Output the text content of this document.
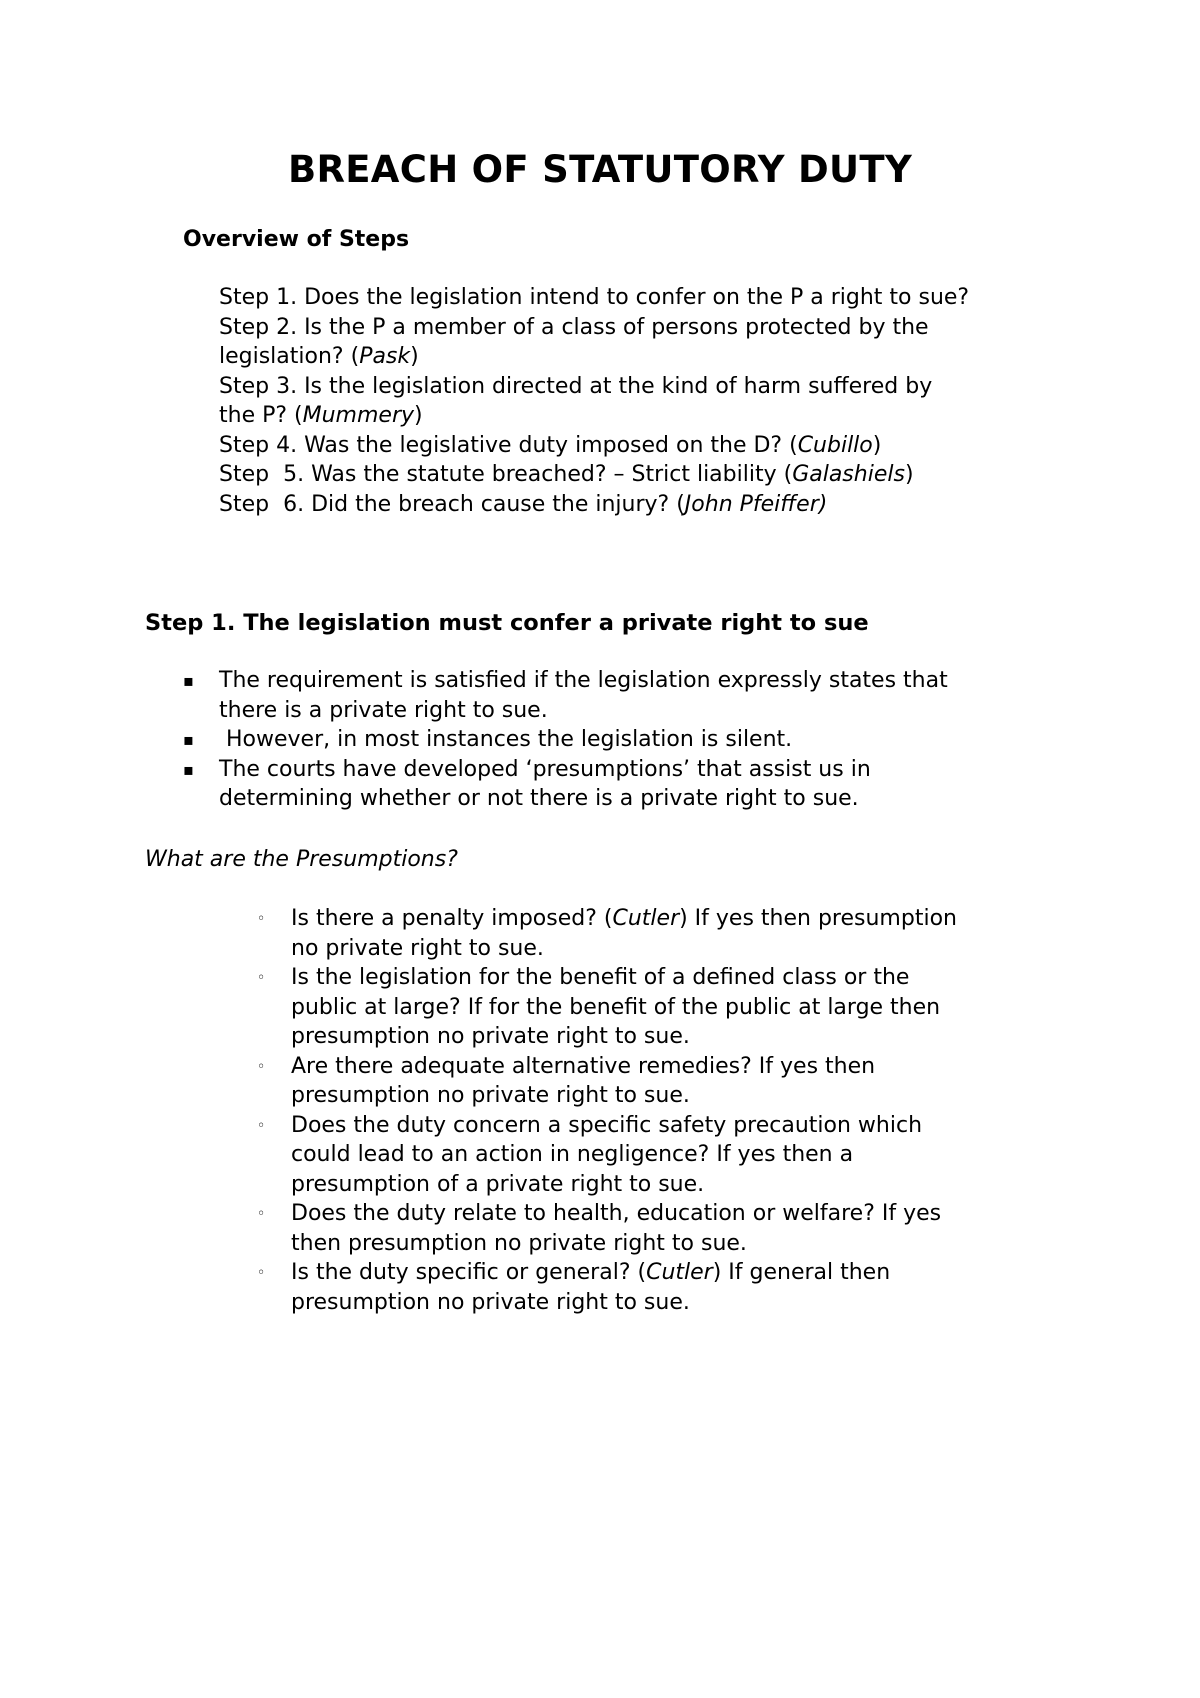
BREACH OF STATUTORY DUTY
Overview of Steps
Step 1. Does the legislation intend to confer on the P a right to sue?
Step 2. Is the P a member of a class of persons protected by the
legislation? (Pask)
Step 3. Is the legislation directed at the kind of harm suffered by
the P? (Mummery)
Step 4. Was the legislative duty imposed on the D? (Cubillo)
Step  5. Was the statute breached? – Strict liability (Galashiels)
Step  6. Did the breach cause the injury? (John Pfeiffer)
Step 1. The legislation must confer a private right to sue
▪ The requirement is satisfied if the legislation expressly states that
there is a private right to sue.
▪ However, in most instances the legislation is silent.
▪ The courts have developed ‘presumptions’ that assist us in
determining whether or not there is a private right to sue.
What are the Presumptions?
◦ Is there a penalty imposed? (Cutler) If yes then presumption
no private right to sue.
◦ Is the legislation for the benefit of a defined class or the
public at large? If for the benefit of the public at large then
presumption no private right to sue.
◦ Are there adequate alternative remedies? If yes then
presumption no private right to sue.
◦ Does the duty concern a specific safety precaution which
could lead to an action in negligence? If yes then a
presumption of a private right to sue.
◦ Does the duty relate to health, education or welfare? If yes
then presumption no private right to sue.
◦ Is the duty specific or general? (Cutler) If general then
presumption no private right to sue.
